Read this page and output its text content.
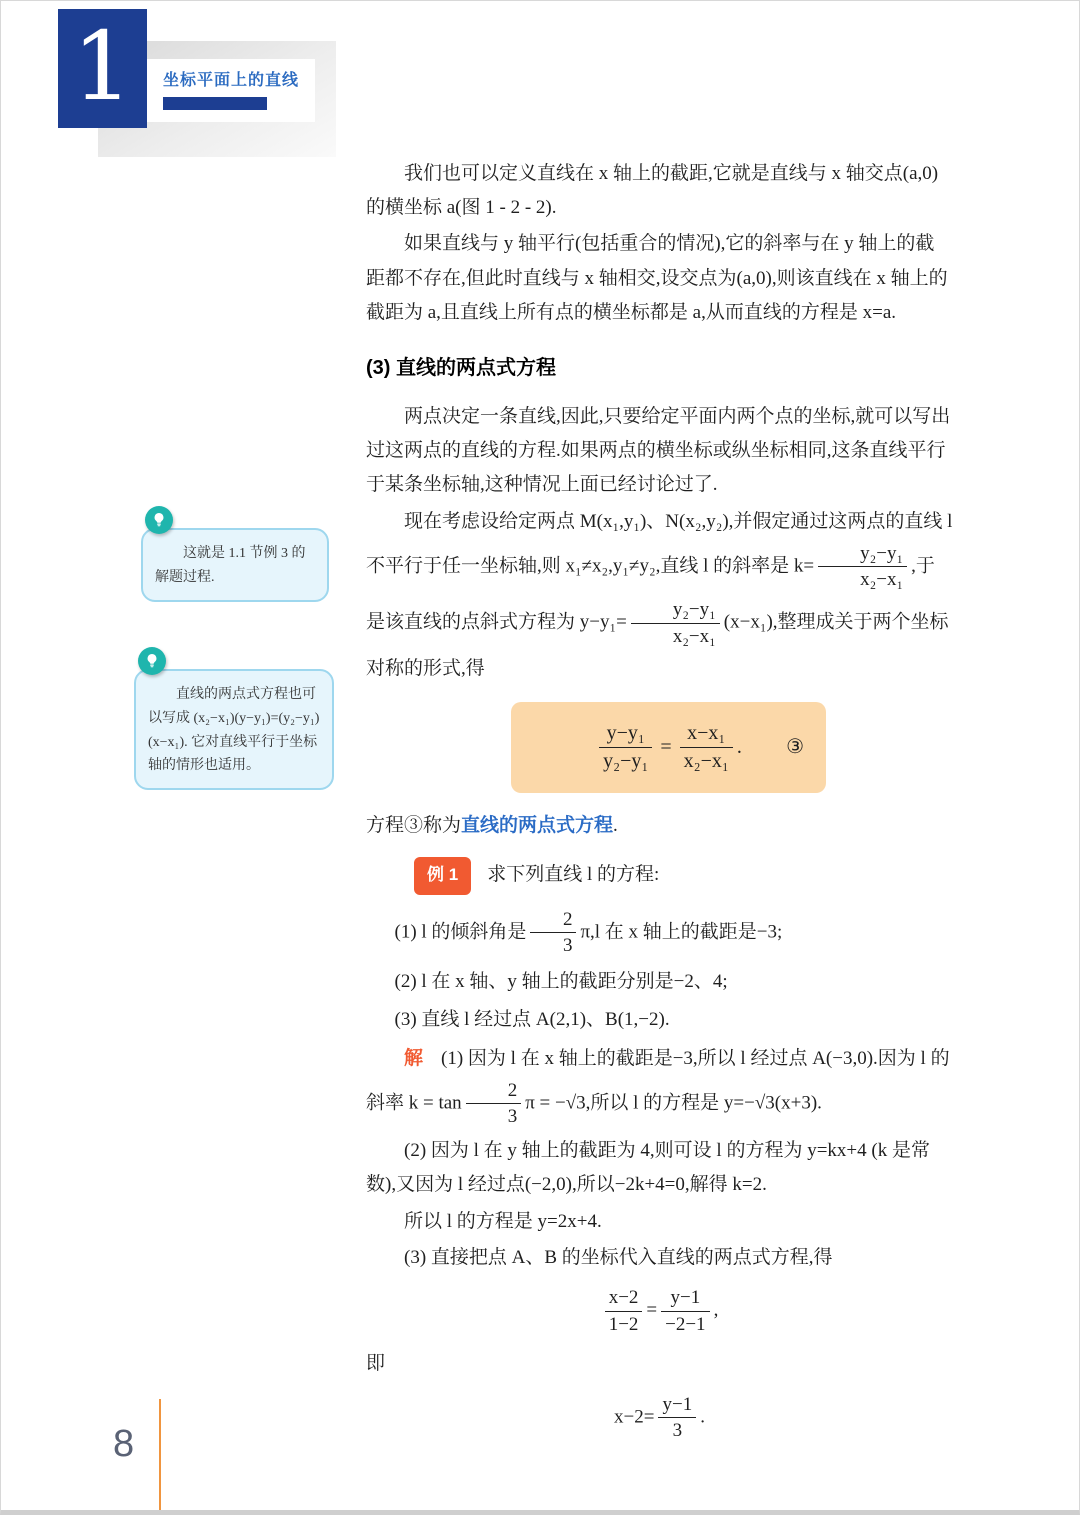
1	坐标平面上的直线

这就是 1.1 节例 3 的解题过程.

直线的两点式方程也可以写成 (x₂−x₁)(y−y₁)=(y₂−y₁)(x−x₁). 它对直线平行于坐标轴的情形也适用。

我们也可以定义直线在 x 轴上的截距,它就是直线与 x 轴交点(a,0)的横坐标 a(图 1 - 2 - 2).

如果直线与 y 轴平行(包括重合的情况),它的斜率与在 y 轴上的截距都不存在,但此时直线与 x 轴相交,设交点为(a,0),则该直线在 x 轴上的截距为 a,且直线上所有点的横坐标都是 a,从而直线的方程是 x=a.

(3) 直线的两点式方程

两点决定一条直线,因此,只要给定平面内两个点的坐标,就可以写出过这两点的直线的方程.如果两点的横坐标或纵坐标相同,这条直线平行于某条坐标轴,这种情况上面已经讨论过了.

现在考虑设给定两点 M(x₁,y₁)、N(x₂,y₂),并假定通过这两点的直线 l 不平行于任一坐标轴,则 x₁≠x₂,y₁≠y₂,直线 l 的斜率是 $k= \frac{\text{y₂−y₁}}{\text{x₂−x₁}}$ ,于是该直线的点斜式方程为 $y-y_1= \frac{\text{y₂−y₁}}{\text{x₂−x₁}} (x-x_1)$,整理成关于两个坐标对称的形式,得

$\frac{\text{y−y₁}}{\text{y₂−y₁}} = \frac{\text{x−x₁}}{\text{x₂−x₁}}$ . ③

方程③称为直线的两点式方程.

例 1 求下列直线 l 的方程:

(1) l 的倾斜角是 $\frac{2}{3} \pi,l$ 在 x 轴上的截距是−3;

(2) l 在 x 轴、y 轴上的截距分别是−2、4;

(3) 直线 l 经过点 A(2,1)、B(1,−2).

解 (1) 因为 l 在 x 轴上的截距是−3,所以 l 经过点 A(−3,0).因为 l 的斜率 $k = \tan \frac{2}{3}$ π = −√3,所以 l 的方程是 y=−√3(x+3).

(2) 因为 l 在 y 轴上的截距为 4,则可设 l 的方程为 y=kx+4 (k 是常数),又因为 l 经过点(−2,0),所以−2k+4=0,解得 k=2.

所以 l 的方程是 y=2x+4.

(3) 直接把点 A、B 的坐标代入直线的两点式方程,得

$\frac{x-2}{1-2} = \frac{y-1}{-2-1}$ ,

即

$x-2= \frac{y-1}{3}$ .
8
